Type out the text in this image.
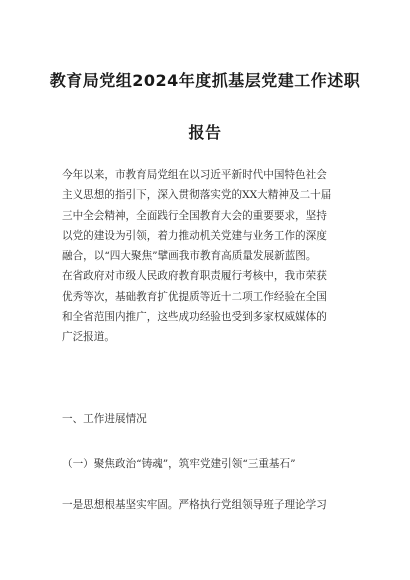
教育局党组2024年度抓基层党建工作述职
报告
今年以来，市教育局党组在以习近平新时代中国特色社会
主义思想的指引下，深入贯彻落实党的XX大精神及二十届
三中全会精神，全面践行全国教育大会的重要要求，坚持
以党的建设为引领，着力推动机关党建与业务工作的深度
融合，以“四大聚焦”擘画我市教育高质量发展新蓝图。
在省政府对市级人民政府教育职责履行考核中，我市荣获
优秀等次，基础教育扩优提质等近十二项工作经验在全国
和全省范围内推广，这些成功经验也受到多家权威媒体的
广泛报道。
一、工作进展情况
（一）聚焦政治“铸魂”，筑牢党建引领“三重基石”
一是思想根基坚实牢固。严格执行党组领导班子理论学习
